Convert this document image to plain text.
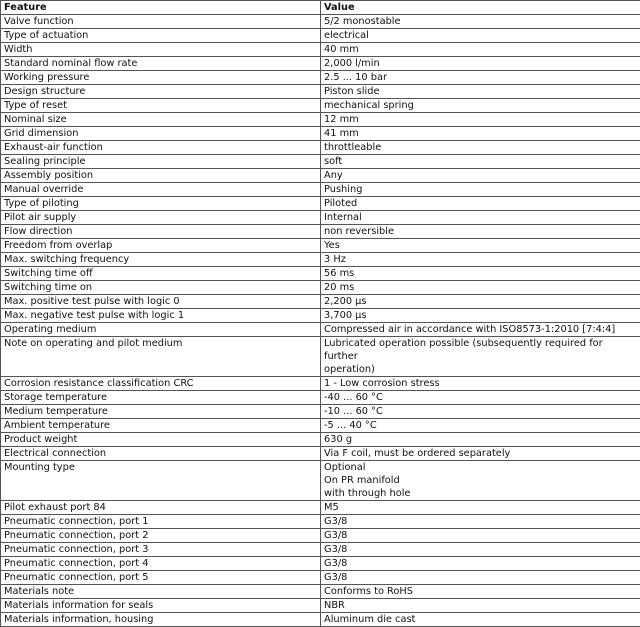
Feature	Value
Valve function	5/2 monostable

Type of actuation	electrical

Width	40 mm

Standard nominal flow rate	2,000 l/min

Working pressure	2.5 ... 10 bar

Design structure	Piston slide

Type of reset	mechanical spring

Nominal size	12 mm

Grid dimension	41 mm

Exhaust-air function	throttleable

Sealing principle	soft

Assembly position	Any

Manual override	Pushing

Type of piloting	Piloted

Pilot air supply	Internal

Flow direction	non reversible

Freedom from overlap	Yes

Max. switching frequency	3 Hz

Switching time off	56 ms

Switching time on	20 ms

Max. positive test pulse with logic 0	2,200 µs

Max. negative test pulse with logic 1	3,700 µs

Operating medium	Compressed air in accordance with ISO8573-1:2010 [7:4:4]

Note on operating and pilot medium	Lubricated operation possible (subsequently required for further
operation)

Corrosion resistance classification CRC	1 - Low corrosion stress

Storage temperature	-40 ... 60 °C

Medium temperature	-10 ... 60 °C

Ambient temperature	-5 ... 40 °C

Product weight	630 g

Electrical connection	Via F coil, must be ordered separately

Mounting type	Optional
On PR manifold
with through hole

Pilot exhaust port 84	M5

Pneumatic connection, port 1	G3/8

Pneumatic connection, port 2	G3/8

Pneumatic connection, port 3	G3/8

Pneumatic connection, port 4	G3/8

Pneumatic connection, port 5	G3/8

Materials note	Conforms to RoHS

Materials information for seals	NBR

Materials information, housing	Aluminum die cast
